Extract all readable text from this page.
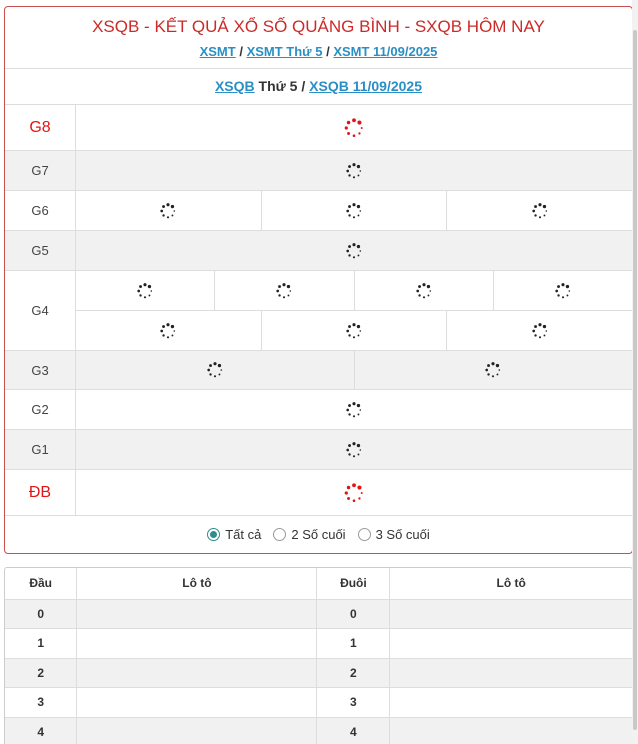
XSQB - KẾT QUẢ XỔ SỐ QUẢNG BÌNH - SXQB HÔM NAY
XSMT / XSMT Thứ 5 / XSMT 11/09/2025
XSQB Thứ 5 / XSQB 11/09/2025
G8
G7
G6
G5
G4
G3
G2
G1
ĐB
Tất cả 2 Số cuối 3 Số cuối
Đầu	Lô tô	Đuôi	Lô tô
0		0	
1		1	
2		2	
3		3	
4		4	
